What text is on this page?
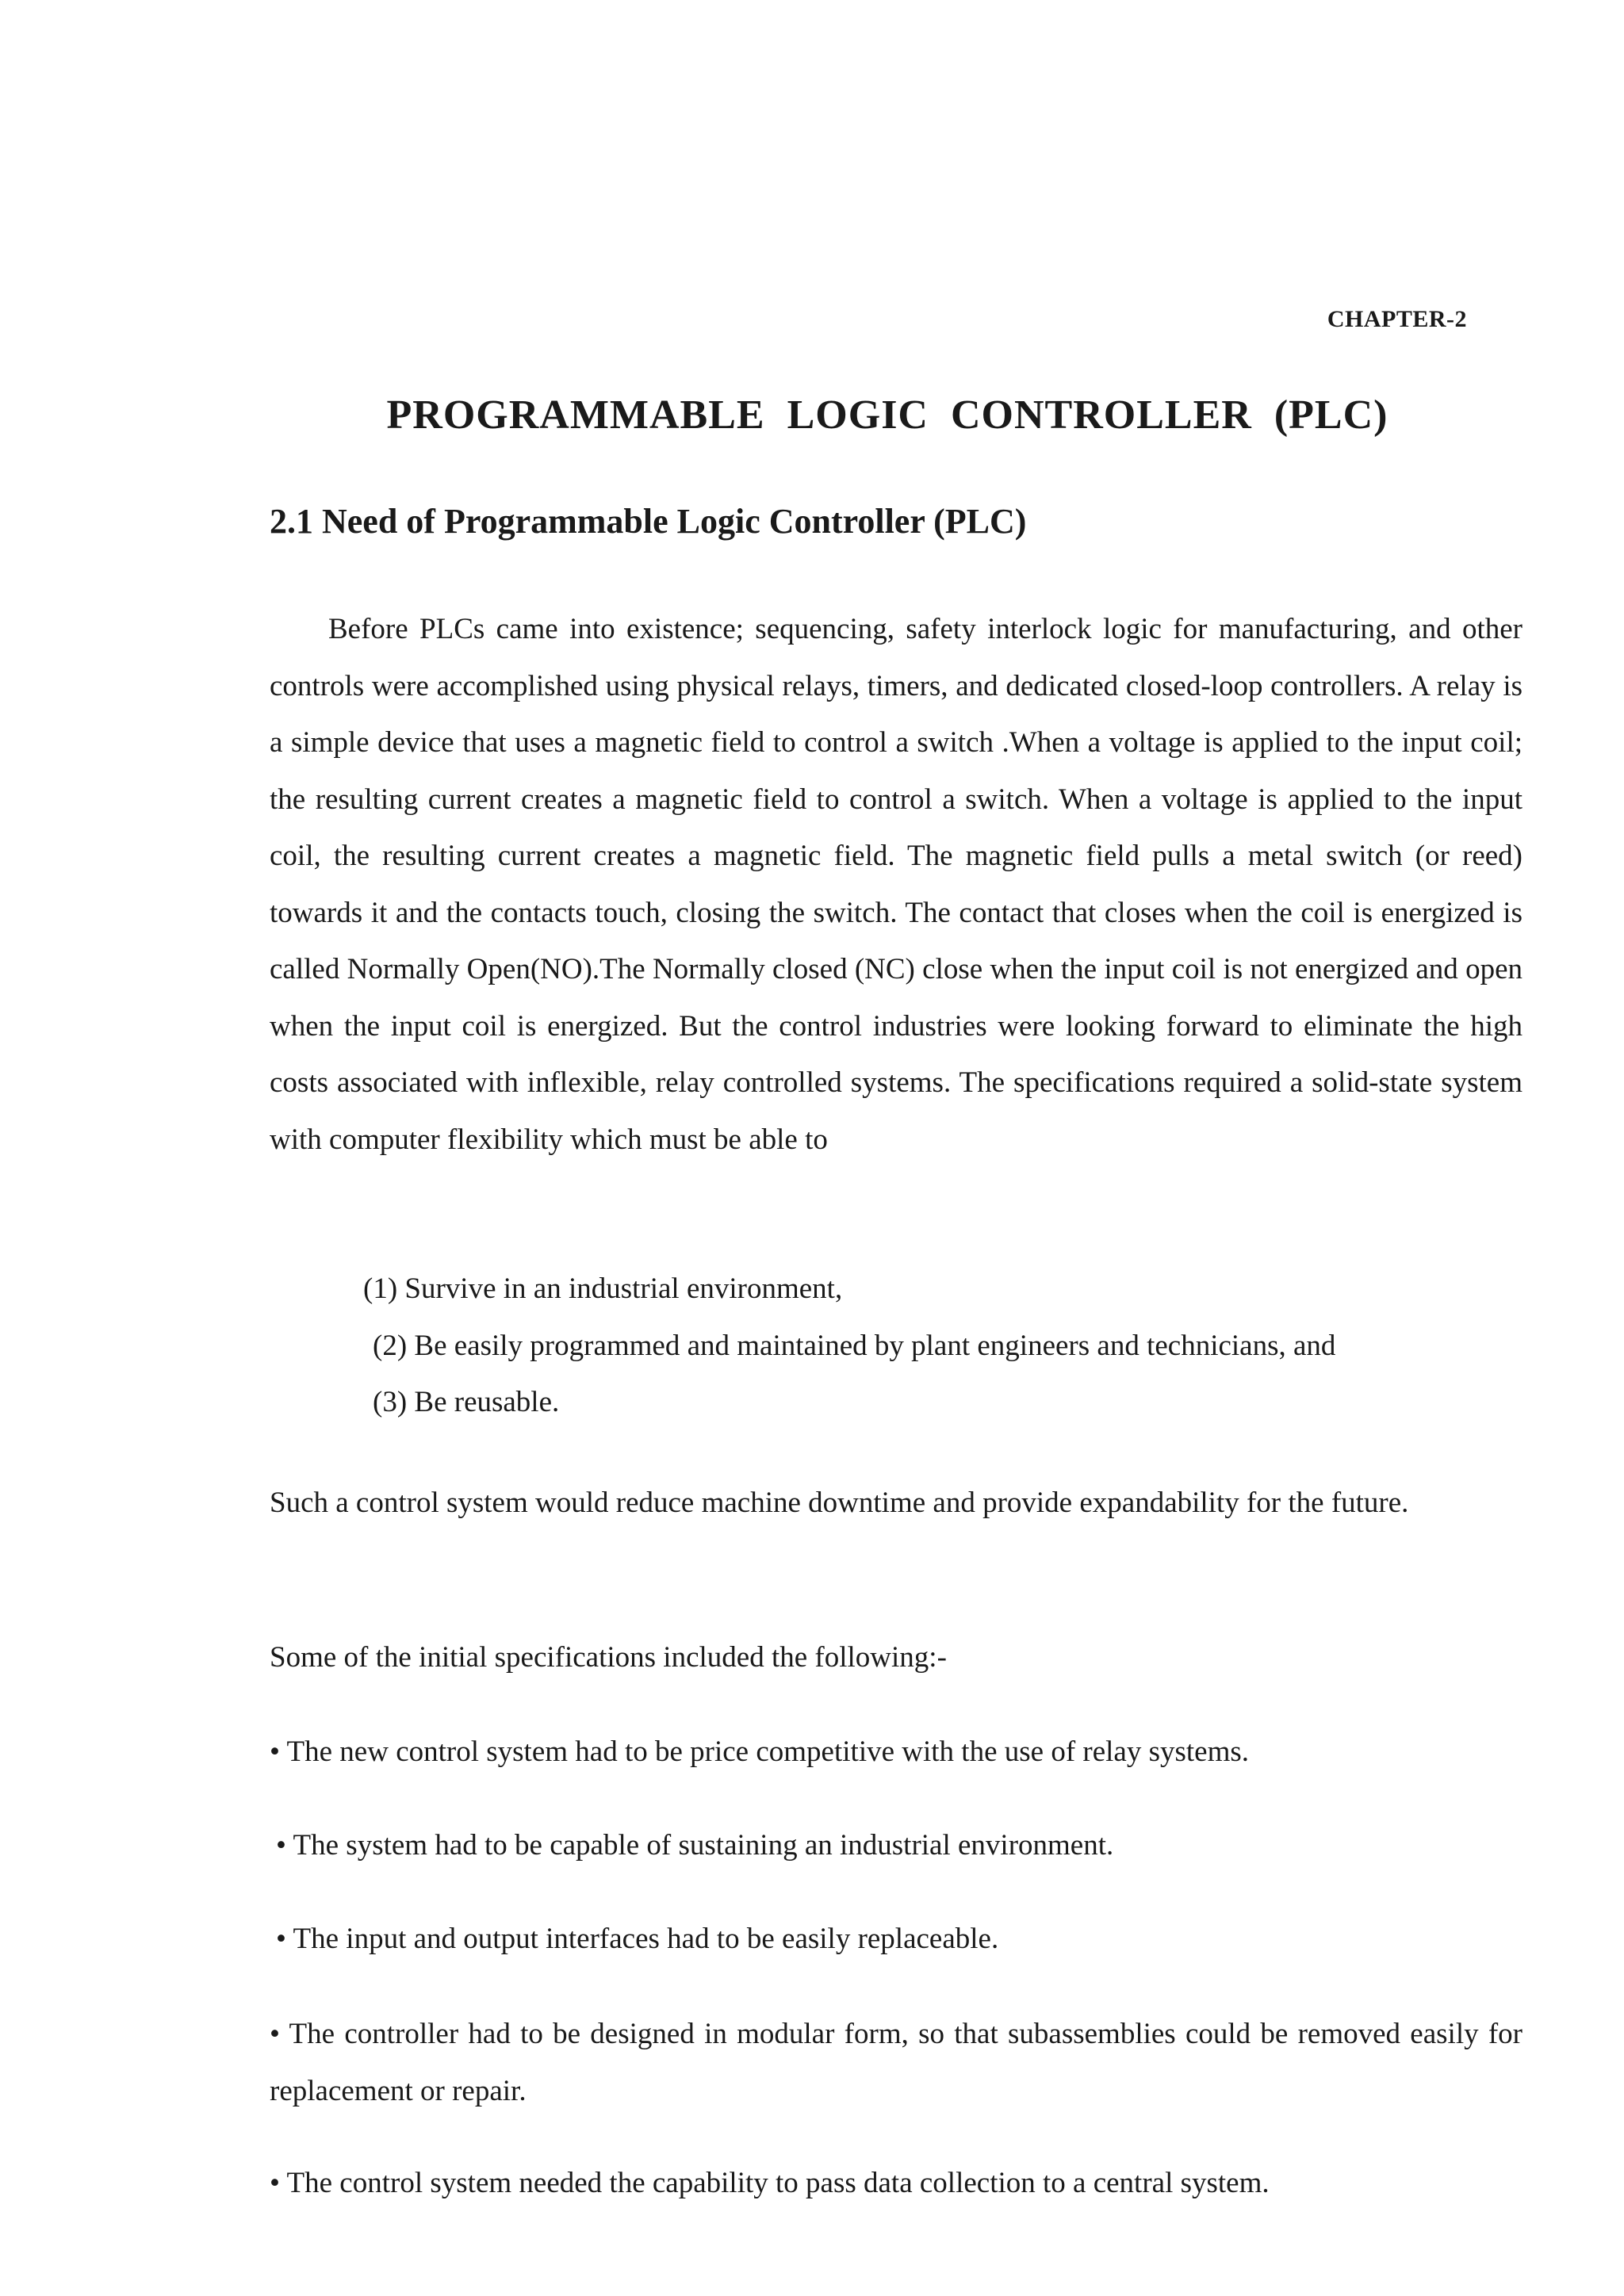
CHAPTER-2
PROGRAMMABLE  LOGIC  CONTROLLER  (PLC)
2.1 Need of Programmable Logic Controller (PLC)

Before PLCs came into existence; sequencing, safety interlock logic for manufacturing, and other controls were accomplished using physical relays, timers, and dedicated closed-loop controllers. A relay is a simple device that uses a magnetic field to control a switch .When a voltage is applied to the input coil; the resulting current creates a magnetic field to control a switch. When a voltage is applied to the input coil, the resulting current creates a magnetic field. The magnetic field pulls a metal switch (or reed) towards it and the contacts touch, closing the switch. The contact that closes when the coil is energized is called Normally Open(NO).The Normally closed (NC) close when the input coil is not energized and open when the input coil is energized. But the control industries were looking forward to eliminate the high costs associated with inflexible, relay controlled systems. The specifications required a solid-state system with computer flexibility which must be able to

(1) Survive in an industrial environment,
(2) Be easily programmed and maintained by plant engineers and technicians, and
(3) Be reusable.

Such a control system would reduce machine downtime and provide expandability for the future.

Some of the initial specifications included the following:-

• The new control system had to be price competitive with the use of relay systems.

• The system had to be capable of sustaining an industrial environment.

• The input and output interfaces had to be easily replaceable.

• The controller had to be designed in modular form, so that subassemblies could be removed easily for replacement or repair.

• The control system needed the capability to pass data collection to a central system.
